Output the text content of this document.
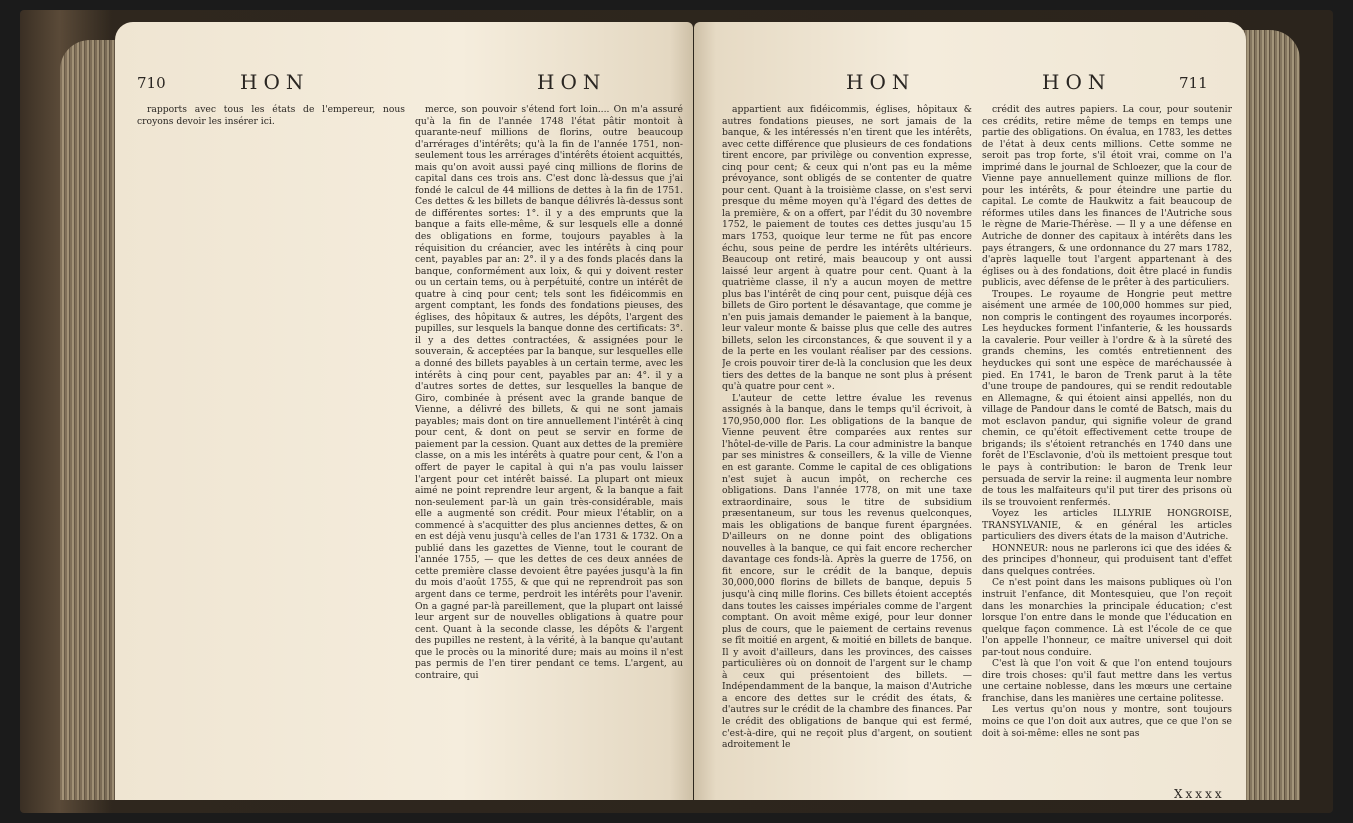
710	HON	HON

rapports avec tous les états de l'empereur, nous croyons devoir les insérer ici.

merce, son pouvoir s'étend fort loin.... On m'a assuré qu'à la fin de l'année 1748 l'état pâtir montoit à quarante-neuf millions de florins, outre beaucoup d'arrérages d'intérêts; qu'à la fin de l'année 1751, non-seulement tous les arrérages d'intérêts étoient acquittés, mais qu'on avoit aussi payé cinq millions de florins de capital dans ces trois ans. C'est donc là-dessus que j'ai fondé le calcul de 44 millions de dettes à la fin de 1751. Ces dettes & les billets de banque délivrés là-dessus sont de différentes sortes: 1°. il y a des emprunts que la banque a faits elle-même, & sur lesquels elle a donné des obligations en forme, toujours payables à la réquisition du créancier, avec les intérêts à cinq pour cent, payables par an: 2°. il y a des fonds placés dans la banque, conformément aux loix, & qui y doivent rester ou un certain tems, ou à perpétuité, contre un intérêt de quatre à cinq pour cent; tels sont les fidéicommis en argent comptant, les fonds des fondations pieuses, des églises, des hôpitaux & autres, les dépôts, l'argent des pupilles, sur lesquels la banque donne des certificats: 3°. il y a des dettes contractées, & assignées pour le souverain, & acceptées par la banque, sur lesquelles elle a donné des billets payables à un certain terme, avec les intérêts à cinq pour cent, payables par an: 4°. il y a d'autres sortes de dettes, sur lesquelles la banque de Giro, combinée à présent avec la grande banque de Vienne, a délivré des billets, & qui ne sont jamais payables; mais dont on tire annuellement l'intérêt à cinq pour cent, & dont on peut se servir en forme de paiement par la cession. Quant aux dettes de la première classe, on a mis les intérêts à quatre pour cent, & l'on a offert de payer le capital à qui n'a pas voulu laisser l'argent pour cet intérêt baissé. La plupart ont mieux aimé ne point reprendre leur argent, & la banque a fait non-seulement par-là un gain très-considérable, mais elle a augmenté son crédit. Pour mieux l'établir, on a commencé à s'acquitter des plus anciennes dettes, & on en est déjà venu jusqu'à celles de l'an 1731 & 1732. On a publié dans les gazettes de Vienne, tout le courant de l'année 1755, — que les dettes de ces deux années de cette première classe devoient être payées jusqu'à la fin du mois d'août 1755, & que qui ne reprendroit pas son argent dans ce terme, perdroit les intérêts pour l'avenir. On a gagné par-là pareillement, que la plupart ont laissé leur argent sur de nouvelles obligations à quatre pour cent. Quant à la seconde classe, les dépôts & l'argent des pupilles ne restent, à la vérité, à la banque qu'autant que le procès ou la minorité dure; mais au moins il n'est pas permis de l'en tirer pendant ce tems. L'argent, au contraire, qui

HON	HON	711

appartient aux fidéicommis, églises, hôpitaux & autres fondations pieuses, ne sort jamais de la banque, & les intéressés n'en tirent que les intérêts, avec cette différence que plusieurs de ces fondations tirent encore, par privilège ou convention expresse, cinq pour cent; & ceux qui n'ont pas eu la même prévoyance, sont obligés de se contenter de quatre pour cent. Quant à la troisième classe, on s'est servi presque du même moyen qu'à l'égard des dettes de la première, & on a offert, par l'édit du 30 novembre 1752, le paiement de toutes ces dettes jusqu'au 15 mars 1753, quoique leur terme ne fût pas encore échu, sous peine de perdre les intérêts ultérieurs. Beaucoup ont retiré, mais beaucoup y ont aussi laissé leur argent à quatre pour cent. Quant à la quatrième classe, il n'y a aucun moyen de mettre plus bas l'intérêt de cinq pour cent, puisque déjà ces billets de Giro portent le désavantage, que comme je n'en puis jamais demander le paiement à la banque, leur valeur monte & baisse plus que celle des autres billets, selon les circonstances, & que souvent il y a de la perte en les voulant réaliser par des cessions. Je crois pouvoir tirer de-là la conclusion que les deux tiers des dettes de la banque ne sont plus à présent qu'à quatre pour cent ».

L'auteur de cette lettre évalue les revenus assignés à la banque, dans le temps qu'il écrivoit, à 170,950,000 flor. Les obligations de la banque de Vienne peuvent être comparées aux rentes sur l'hôtel-de-ville de Paris. La cour administre la banque par ses ministres & conseillers, & la ville de Vienne en est garante. Comme le capital de ces obligations n'est sujet à aucun impôt, on recherche ces obligations. Dans l'année 1778, on mit une taxe extraordinaire, sous le titre de subsidium præsentaneum, sur tous les revenus quelconques, mais les obligations de banque furent épargnées. D'ailleurs on ne donne point des obligations nouvelles à la banque, ce qui fait encore rechercher davantage ces fonds-là. Après la guerre de 1756, on fit encore, sur le crédit de la banque, depuis 30,000,000 florins de billets de banque, depuis 5 jusqu'à cinq mille florins. Ces billets étoient acceptés dans toutes les caisses impériales comme de l'argent comptant. On avoit même exigé, pour leur donner plus de cours, que le paiement de certains revenus se fît moitié en argent, & moitié en billets de banque. Il y avoit d'ailleurs, dans les provinces, des caisses particulières où on donnoit de l'argent sur le champ à ceux qui présentoient des billets. — Indépendamment de la banque, la maison d'Autriche a encore des dettes sur le crédit des états, & d'autres sur le crédit de la chambre des finances. Par le crédit des obligations de banque qui est fermé, c'est-à-dire, qui ne reçoit plus d'argent, on soutient adroitement le

crédit des autres papiers. La cour, pour soutenir ces crédits, retire même de temps en temps une partie des obligations. On évalua, en 1783, les dettes de l'état à deux cents millions. Cette somme ne seroit pas trop forte, s'il étoit vrai, comme on l'a imprimé dans le journal de Schloezer, que la cour de Vienne paye annuellement quinze millions de flor. pour les intérêts, & pour éteindre une partie du capital. Le comte de Haukwitz a fait beaucoup de réformes utiles dans les finances de l'Autriche sous le règne de Marie-Thérèse. — Il y a une défense en Autriche de donner des capitaux à intérêts dans les pays étrangers, & une ordonnance du 27 mars 1782, d'après laquelle tout l'argent appartenant à des églises ou à des fondations, doit être placé in fundis publicis, avec défense de le prêter à des particuliers.

Troupes. Le royaume de Hongrie peut mettre aisément une armée de 100,000 hommes sur pied, non compris le contingent des royaumes incorporés. Les heyduckes forment l'infanterie, & les houssards la cavalerie. Pour veiller à l'ordre & à la sûreté des grands chemins, les comtés entretiennent des heyduckes qui sont une espèce de maréchaussée à pied. En 1741, le baron de Trenk parut à la tête d'une troupe de pandoures, qui se rendit redoutable en Allemagne, & qui étoient ainsi appellés, non du village de Pandour dans le comté de Batsch, mais du mot esclavon pandur, qui signifie voleur de grand chemin, ce qu'étoit effectivement cette troupe de brigands; ils s'étoient retranchés en 1740 dans une forêt de l'Esclavonie, d'où ils mettoient presque tout le pays à contribution: le baron de Trenk leur persuada de servir la reine: il augmenta leur nombre de tous les malfaiteurs qu'il put tirer des prisons où ils se trouvoient renfermés.

Voyez les articles ILLYRIE HONGROISE, TRANSYLVANIE, & en général les articles particuliers des divers états de la maison d'Autriche.

HONNEUR: nous ne parlerons ici que des idées & des principes d'honneur, qui produisent tant d'effet dans quelques contrées.

Ce n'est point dans les maisons publiques où l'on instruit l'enfance, dit Montesquieu, que l'on reçoit dans les monarchies la principale éducation; c'est lorsque l'on entre dans le monde que l'éducation en quelque façon commence. Là est l'école de ce que l'on appelle l'honneur, ce maître universel qui doit par-tout nous conduire.

C'est là que l'on voit & que l'on entend toujours dire trois choses: qu'il faut mettre dans les vertus une certaine noblesse, dans les mœurs une certaine franchise, dans les manières une certaine politesse.

Les vertus qu'on nous y montre, sont toujours moins ce que l'on doit aux autres, que ce que l'on se doit à soi-même: elles ne sont pas

Xxxxx
